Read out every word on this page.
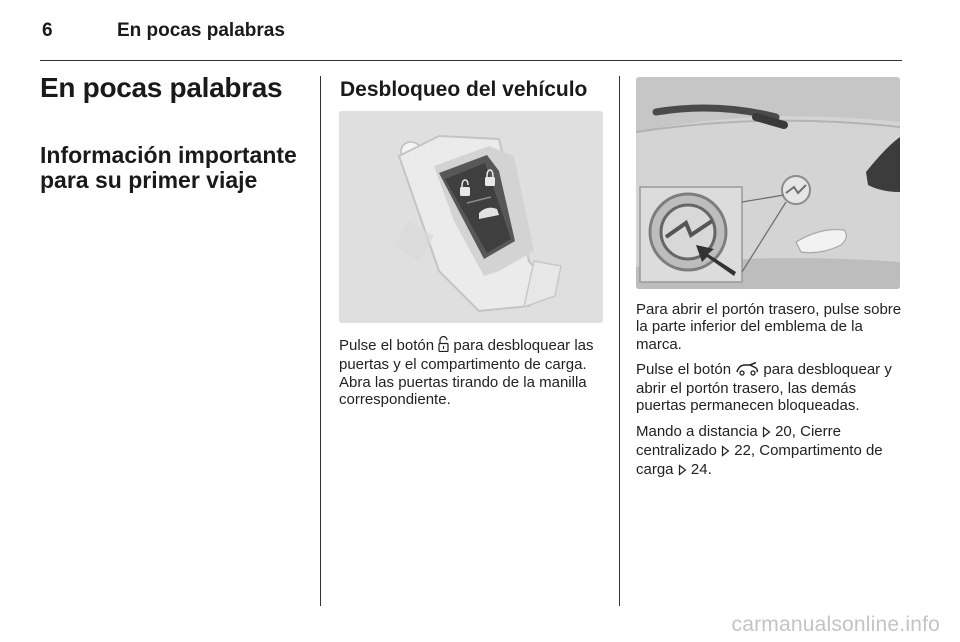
6	En pocas palabras
En pocas palabras
Información importante para su primer viaje
Desbloqueo del vehículo

Pulse el botón  para desbloquear las puertas y el compartimento de carga. Abra las puertas tirando de la manilla correspondiente.

Para abrir el portón trasero, pulse sobre la parte inferior del emblema de la marca.

Pulse el botón  para desbloquear y abrir el portón trasero, las demás puertas permanecen bloqueadas.

Mando a distancia  20, Cierre centralizado  22, Compartimento de carga  24.

carmanualsonline.info
